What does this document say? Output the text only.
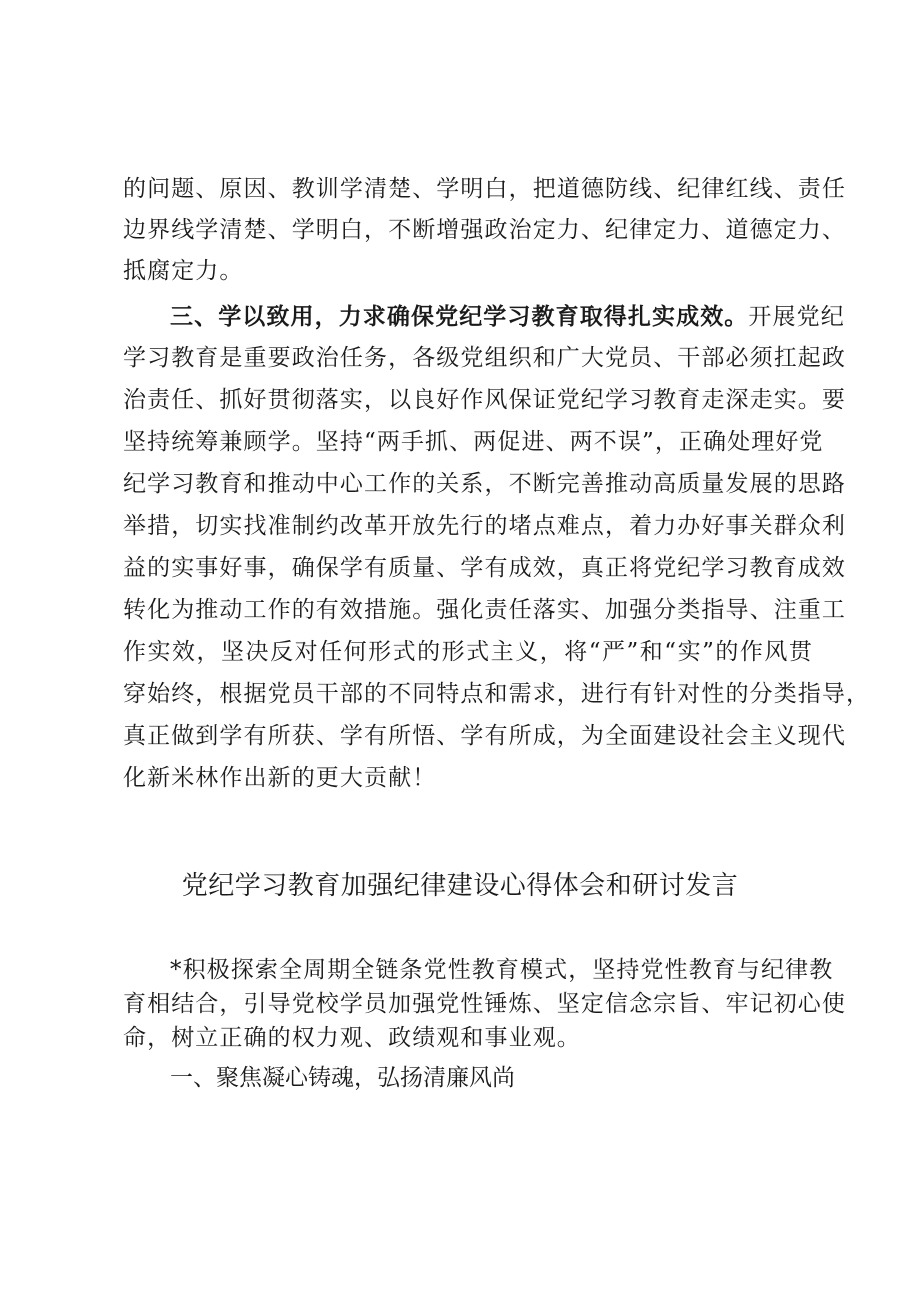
的问题、原因、教训学清楚、学明白，把道德防线、纪律红线、责任
边界线学清楚、学明白，不断增强政治定力、纪律定力、道德定力、
抵腐定力。
三、学以致用，力求确保党纪学习教育取得扎实成效。开展党纪
学习教育是重要政治任务，各级党组织和广大党员、干部必须扛起政
治责任、抓好贯彻落实，以良好作风保证党纪学习教育走深走实。要
坚持统筹兼顾学。坚持“两手抓、两促进、两不误”，正确处理好党
纪学习教育和推动中心工作的关系，不断完善推动高质量发展的思路
举措，切实找准制约改革开放先行的堵点难点，着力办好事关群众利
益的实事好事，确保学有质量、学有成效，真正将党纪学习教育成效
转化为推动工作的有效措施。强化责任落实、加强分类指导、注重工
作实效，坚决反对任何形式的形式主义，将“严”和“实”的作风贯
穿始终，根据党员干部的不同特点和需求，进行有针对性的分类指导，
真正做到学有所获、学有所悟、学有所成，为全面建设社会主义现代
化新米林作出新的更大贡献！
党纪学习教育加强纪律建设心得体会和研讨发言
*积极探索全周期全链条党性教育模式，坚持党性教育与纪律教
育相结合，引导党校学员加强党性锤炼、坚定信念宗旨、牢记初心使
命，树立正确的权力观、政绩观和事业观。
一、聚焦凝心铸魂，弘扬清廉风尚
